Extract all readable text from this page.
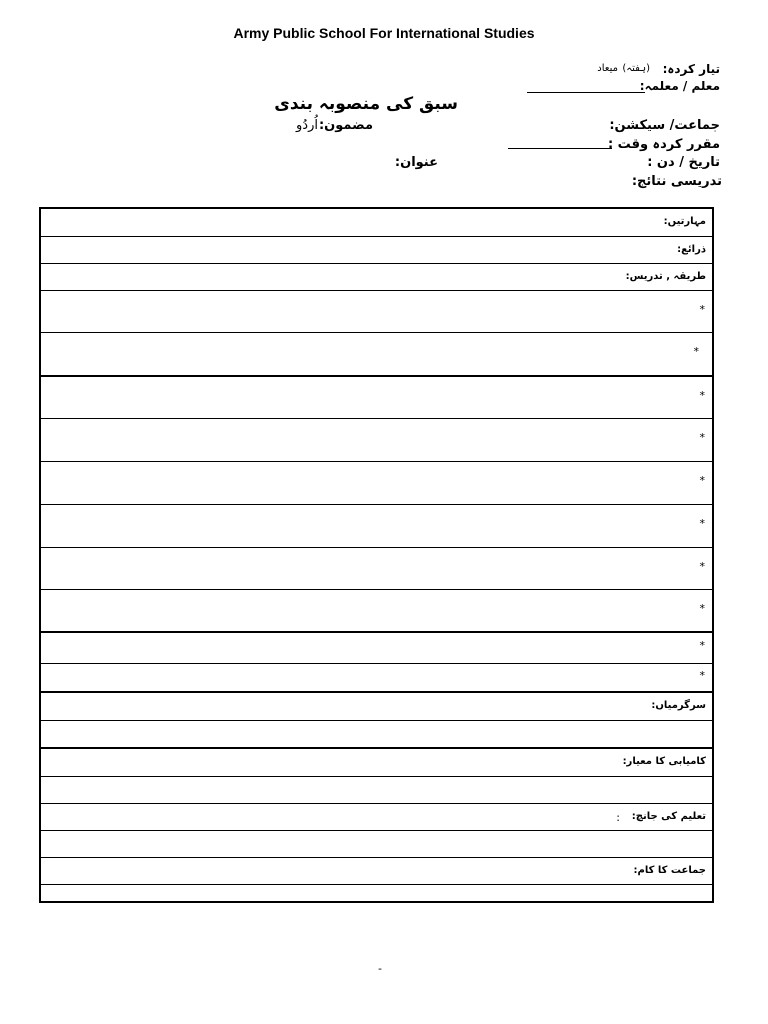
Army Public School For International Studies
تیار کردہ:
(ہفتہ)
میعاد
معلم / معلمہ:
سبق کی منصوبہ بندی
جماعت/ سیکشن:
مضمون:
اُردُو
مقرر کردہ وقت :
تاریخ / دن :
عنوان:
تدریسی نتائج:
مہارتیں:
ذرائع:
طریقہ , تدریس:
*
*
*
*
*
*
*
*
*
*
سرگرمیاں:
کامیابی کا معیار:
تعلیم کی جانچ:
:
جماعت کا کام:
-
